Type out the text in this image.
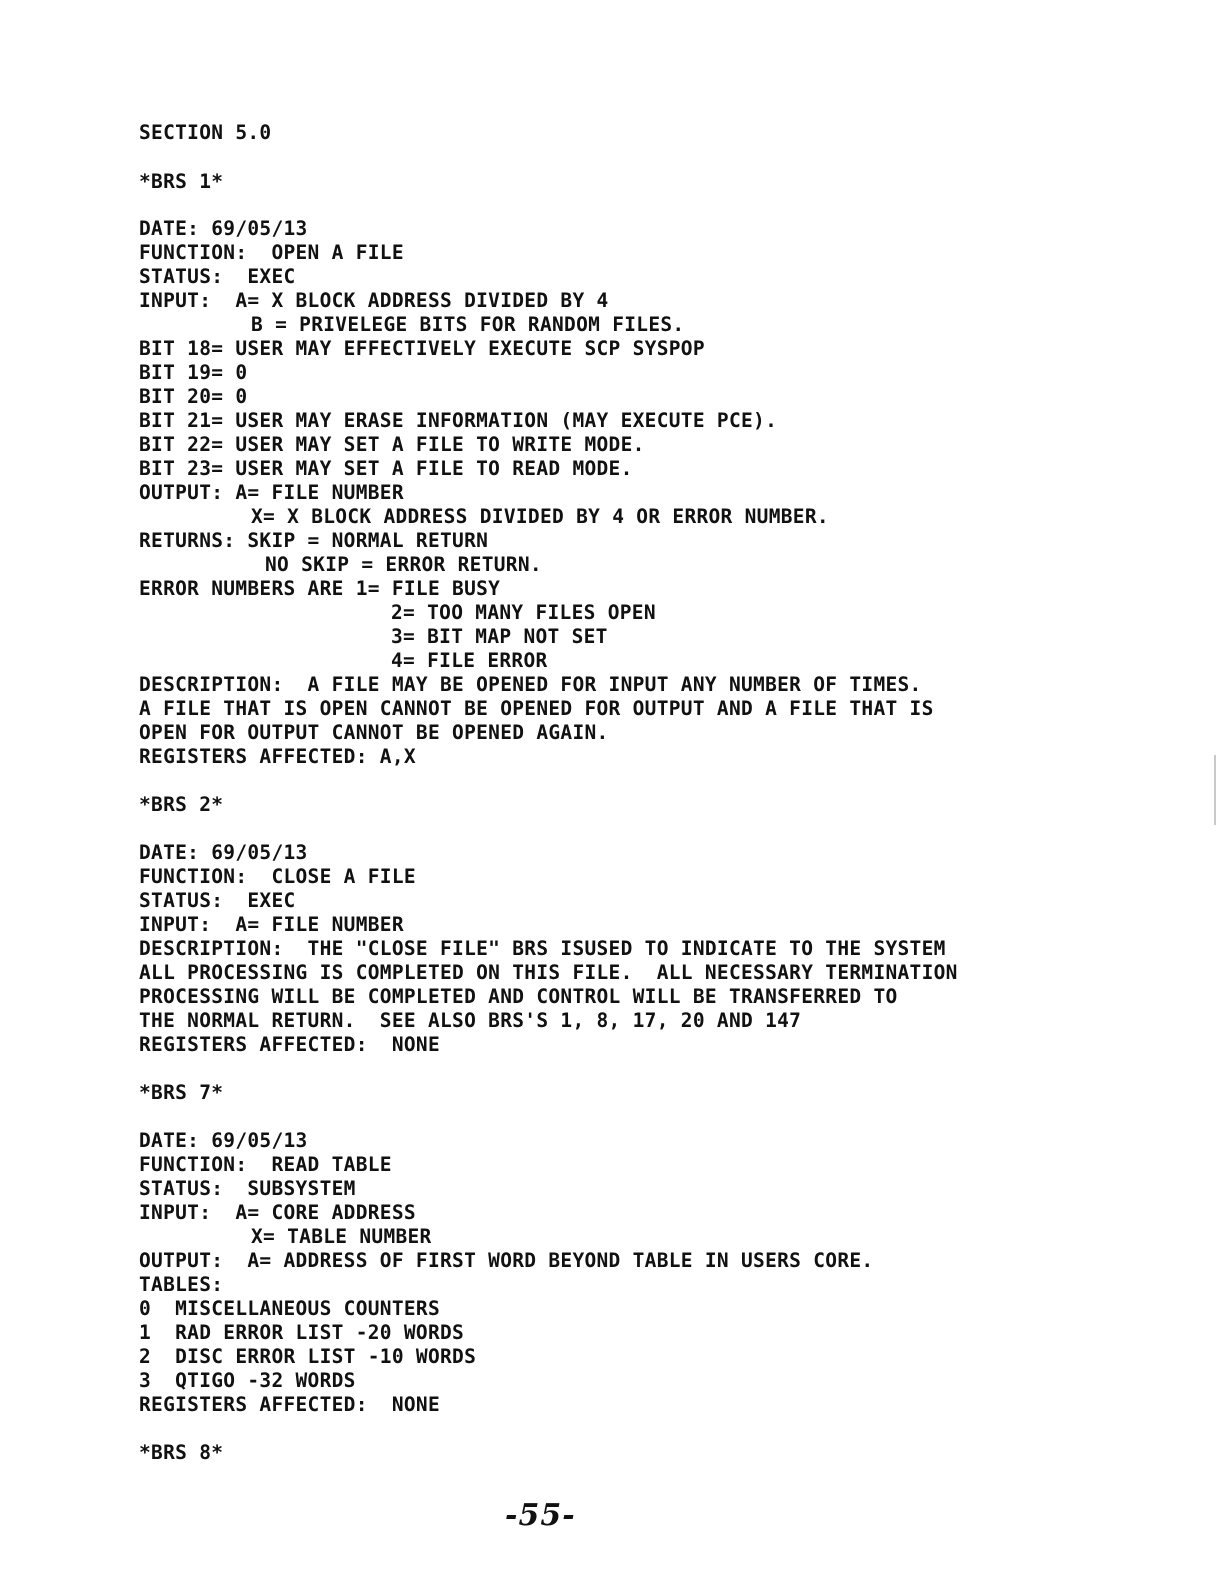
SECTION 5.0
*BRS 1*
DATE: 69/05/13
FUNCTION:  OPEN A FILE
STATUS:  EXEC
INPUT:  A= X BLOCK ADDRESS DIVIDED BY 4
B = PRIVELEGE BITS FOR RANDOM FILES.
BIT 18= USER MAY EFFECTIVELY EXECUTE SCP SYSPOP
BIT 19= 0
BIT 20= 0
BIT 21= USER MAY ERASE INFORMATION (MAY EXECUTE PCE).
BIT 22= USER MAY SET A FILE TO WRITE MODE.
BIT 23= USER MAY SET A FILE TO READ MODE.
OUTPUT: A= FILE NUMBER
X= X BLOCK ADDRESS DIVIDED BY 4 OR ERROR NUMBER.
RETURNS: SKIP = NORMAL RETURN
NO SKIP = ERROR RETURN.
ERROR NUMBERS ARE 1= FILE BUSY
2= TOO MANY FILES OPEN
3= BIT MAP NOT SET
4= FILE ERROR
DESCRIPTION:  A FILE MAY BE OPENED FOR INPUT ANY NUMBER OF TIMES.
A FILE THAT IS OPEN CANNOT BE OPENED FOR OUTPUT AND A FILE THAT IS
OPEN FOR OUTPUT CANNOT BE OPENED AGAIN.
REGISTERS AFFECTED: A,X
*BRS 2*
DATE: 69/05/13
FUNCTION:  CLOSE A FILE
STATUS:  EXEC
INPUT:  A= FILE NUMBER
DESCRIPTION:  THE "CLOSE FILE" BRS ISUSED TO INDICATE TO THE SYSTEM
ALL PROCESSING IS COMPLETED ON THIS FILE.  ALL NECESSARY TERMINATION
PROCESSING WILL BE COMPLETED AND CONTROL WILL BE TRANSFERRED TO
THE NORMAL RETURN.  SEE ALSO BRS'S 1, 8, 17, 20 AND 147
REGISTERS AFFECTED:  NONE
*BRS 7*
DATE: 69/05/13
FUNCTION:  READ TABLE
STATUS:  SUBSYSTEM
INPUT:  A= CORE ADDRESS
X= TABLE NUMBER
OUTPUT:  A= ADDRESS OF FIRST WORD BEYOND TABLE IN USERS CORE.
TABLES:
0  MISCELLANEOUS COUNTERS
1  RAD ERROR LIST -20 WORDS
2  DISC ERROR LIST -10 WORDS
3  QTIGO -32 WORDS
REGISTERS AFFECTED:  NONE
*BRS 8*
-55-
